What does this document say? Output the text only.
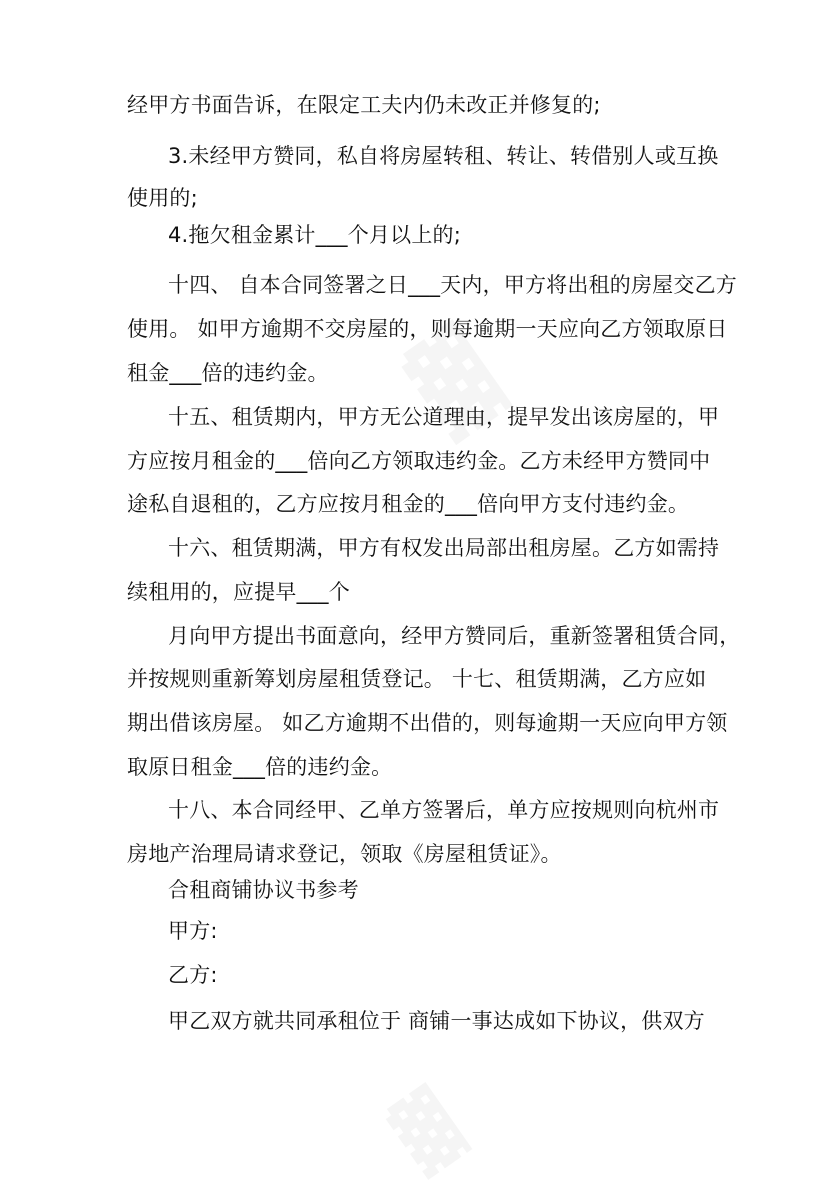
▓
经甲方书面告诉，在限定工夫内仍未改正并修复的;
3.未经甲方赞同，私自将房屋转租、转让、转借别人或互换
使用的;
4.拖欠租金累计___个月以上的;
十四、 自本合同签署之日___天内，甲方将出租的房屋交乙方
使用。 如甲方逾期不交房屋的，则每逾期一天应向乙方领取原日
租金___倍的违约金。
十五、租赁期内，甲方无公道理由，提早发出该房屋的，甲
方应按月租金的___倍向乙方领取违约金。乙方未经甲方赞同中
途私自退租的，乙方应按月租金的___倍向甲方支付违约金。
十六、租赁期满，甲方有权发出局部出租房屋。乙方如需持
续租用的，应提早___个
月向甲方提出书面意向，经甲方赞同后，重新签署租赁合同，
并按规则重新筹划房屋租赁登记。 十七、租赁期满，乙方应如
期出借该房屋。 如乙方逾期不出借的，则每逾期一天应向甲方领
取原日租金___倍的违约金。
十八、本合同经甲、乙单方签署后，单方应按规则向杭州市
房地产治理局请求登记，领取《房屋租赁证》。
合租商铺协议书参考
甲方:
乙方:
甲乙双方就共同承租位于 商铺一事达成如下协议，供双方
▓
